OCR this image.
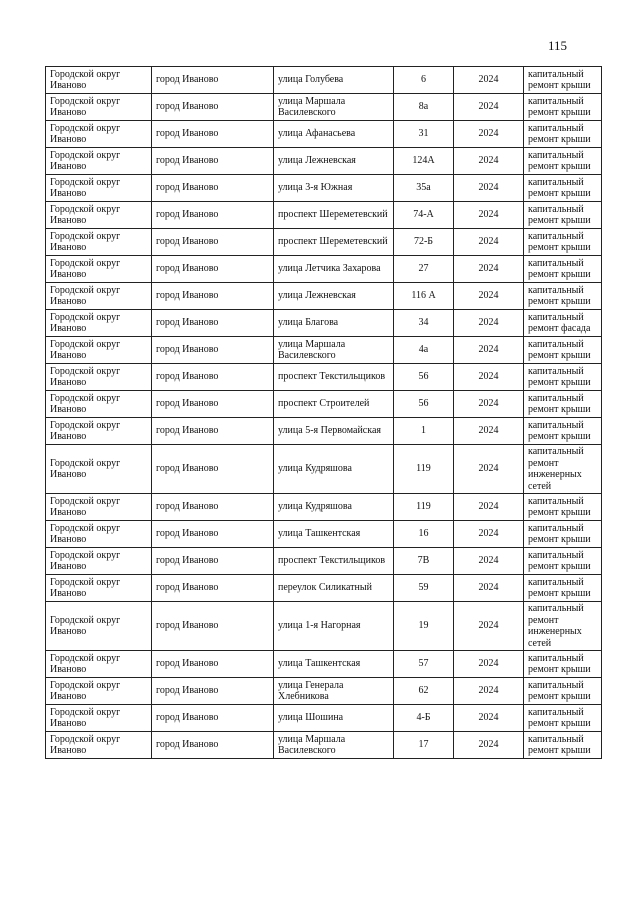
115
Городской округ Иваново	город Иваново	улица Голубева	6	2024	капитальный ремонт крыши
Городской округ Иваново	город Иваново	улица Маршала Василевского	8а	2024	капитальный ремонт крыши
Городской округ Иваново	город Иваново	улица Афанасьева	31	2024	капитальный ремонт крыши
Городской округ Иваново	город Иваново	улица Лежневская	124А	2024	капитальный ремонт крыши
Городской округ Иваново	город Иваново	улица 3-я Южная	35а	2024	капитальный ремонт крыши
Городской округ Иваново	город Иваново	проспект Шереметевский	74-А	2024	капитальный ремонт крыши
Городской округ Иваново	город Иваново	проспект Шереметевский	72-Б	2024	капитальный ремонт крыши
Городской округ Иваново	город Иваново	улица Летчика Захарова	27	2024	капитальный ремонт крыши
Городской округ Иваново	город Иваново	улица Лежневская	116 А	2024	капитальный ремонт крыши
Городской округ Иваново	город Иваново	улица Благова	34	2024	капитальный ремонт фасада
Городской округ Иваново	город Иваново	улица Маршала Василевского	4а	2024	капитальный ремонт крыши
Городской округ Иваново	город Иваново	проспект Текстильщиков	56	2024	капитальный ремонт крыши
Городской округ Иваново	город Иваново	проспект Строителей	56	2024	капитальный ремонт крыши
Городской округ Иваново	город Иваново	улица 5-я Первомайская	1	2024	капитальный ремонт крыши
Городской округ Иваново	город Иваново	улица Кудряшова	119	2024	капитальный ремонт инженерных сетей
Городской округ Иваново	город Иваново	улица Кудряшова	119	2024	капитальный ремонт крыши
Городской округ Иваново	город Иваново	улица Ташкентская	16	2024	капитальный ремонт крыши
Городской округ Иваново	город Иваново	проспект Текстильщиков	7В	2024	капитальный ремонт крыши
Городской округ Иваново	город Иваново	переулок Силикатный	59	2024	капитальный ремонт крыши
Городской округ Иваново	город Иваново	улица 1-я Нагорная	19	2024	капитальный ремонт инженерных сетей
Городской округ Иваново	город Иваново	улица Ташкентская	57	2024	капитальный ремонт крыши
Городской округ Иваново	город Иваново	улица Генерала Хлебникова	62	2024	капитальный ремонт крыши
Городской округ Иваново	город Иваново	улица Шошина	4-Б	2024	капитальный ремонт крыши
Городской округ Иваново	город Иваново	улица Маршала Василевского	17	2024	капитальный ремонт крыши
